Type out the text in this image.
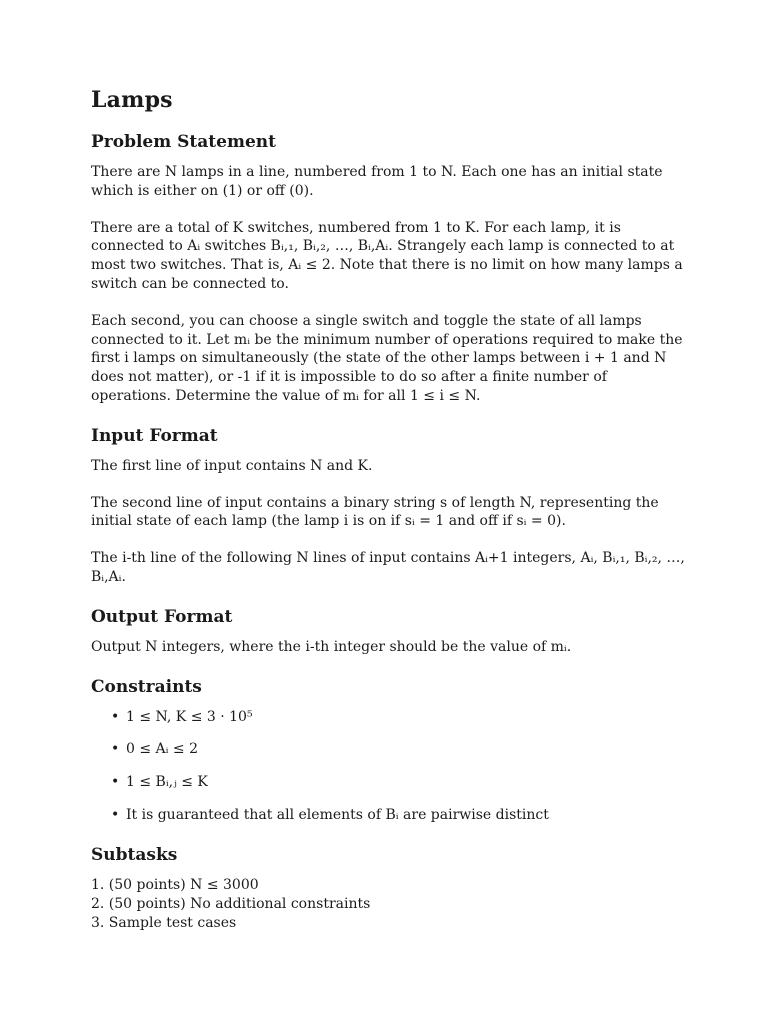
Lamps
Problem Statement

There are N lamps in a line, numbered from 1 to N. Each one has an initial state which is either on (1) or off (0).

There are a total of K switches, numbered from 1 to K. For each lamp, it is connected to Aᵢ switches Bᵢ,₁, Bᵢ,₂, …, Bᵢ,Aᵢ. Strangely each lamp is connected to at most two switches. That is, Aᵢ ≤ 2. Note that there is no limit on how many lamps a switch can be connected to.

Each second, you can choose a single switch and toggle the state of all lamps connected to it. Let mᵢ be the minimum number of operations required to make the first i lamps on simultaneously (the state of the other lamps between i + 1 and N does not matter), or -1 if it is impossible to do so after a finite number of operations. Determine the value of mᵢ for all 1 ≤ i ≤ N.

Input Format

The first line of input contains N and K.

The second line of input contains a binary string s of length N, representing the initial state of each lamp (the lamp i is on if sᵢ = 1 and off if sᵢ = 0).

The i-th line of the following N lines of input contains Aᵢ+1 integers, Aᵢ, Bᵢ,₁, Bᵢ,₂, …, Bᵢ,Aᵢ.

Output Format

Output N integers, where the i-th integer should be the value of mᵢ.

Constraints
• 1 ≤ N, K ≤ 3 · 10⁵
• 0 ≤ Aᵢ ≤ 2
• 1 ≤ Bᵢ,ⱼ ≤ K
• It is guaranteed that all elements of Bᵢ are pairwise distinct
Subtasks
1. (50 points) N ≤ 3000
2. (50 points) No additional constraints
3. Sample test cases
